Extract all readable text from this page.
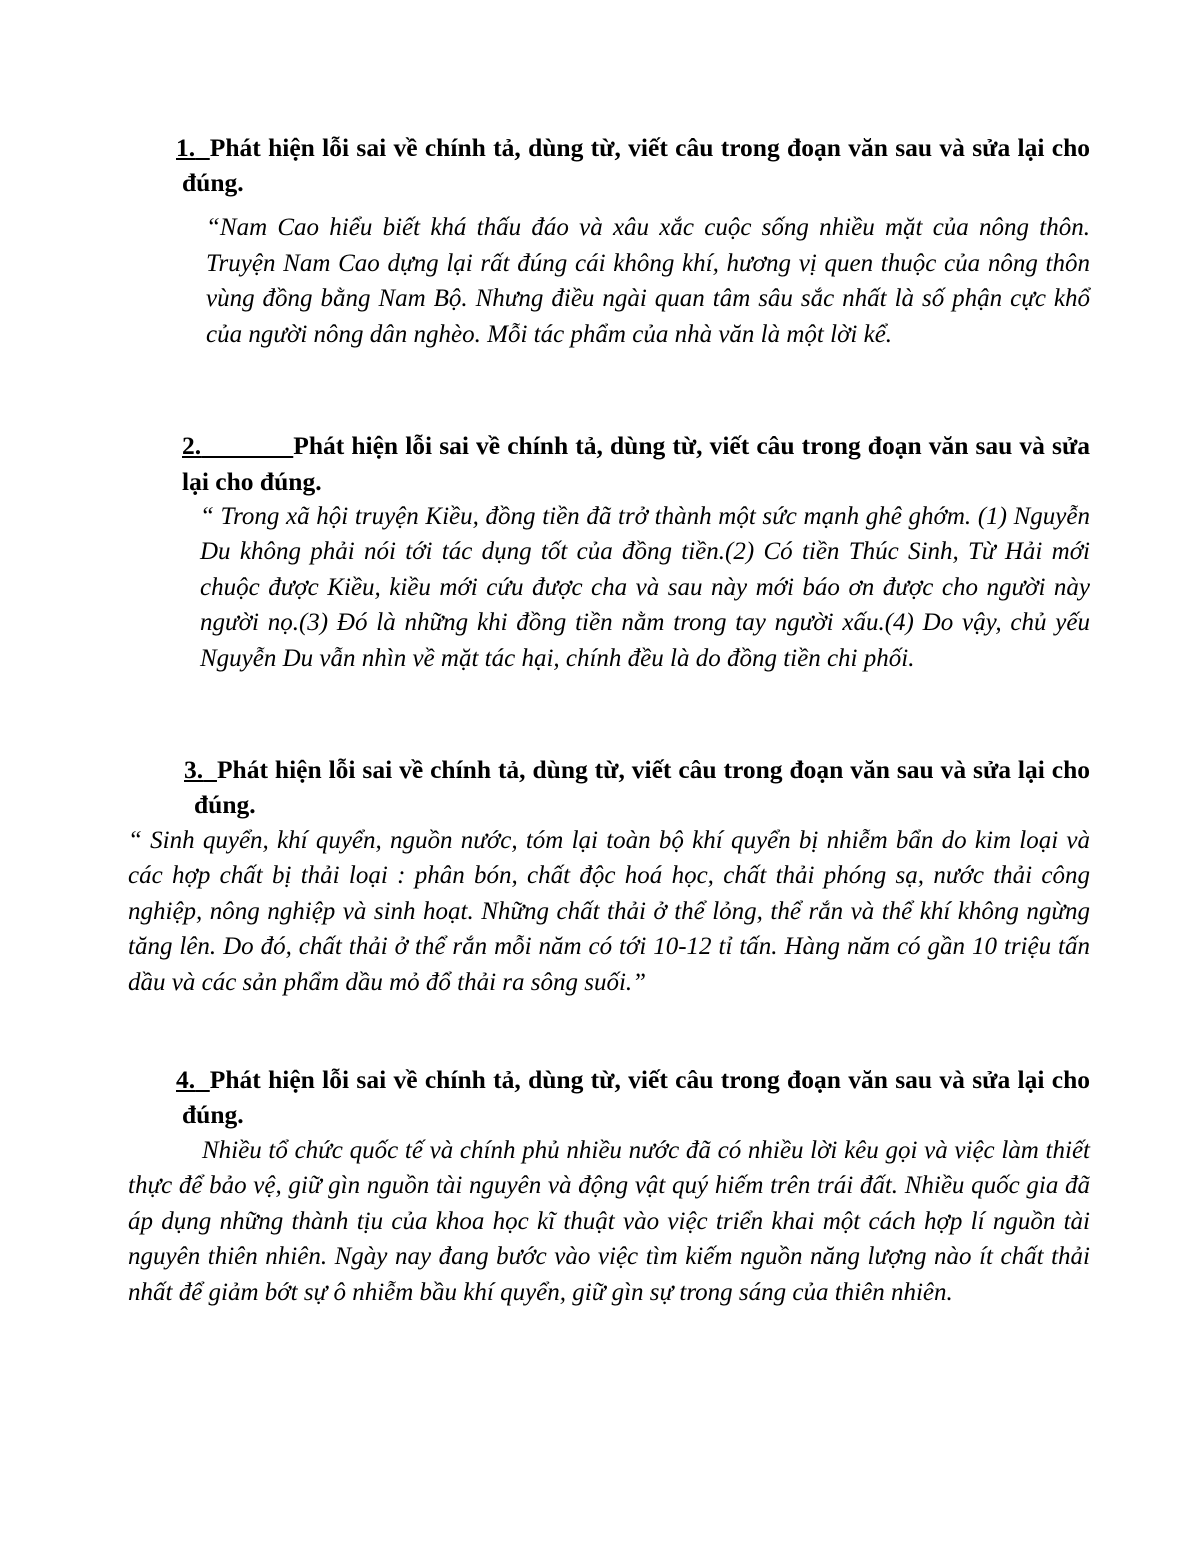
1. Phát hiện lỗi sai về chính tả, dùng từ, viết câu trong đoạn văn sau và sửa lại cho đúng.

“Nam Cao hiểu biết khá thấu đáo và xâu xắc cuộc sống nhiều mặt của nông thôn. Truyện Nam Cao dựng lại rất đúng cái không khí, hương vị quen thuộc của nông thôn vùng đồng bằng Nam Bộ. Nhưng điều ngài quan tâm sâu sắc nhất là số phận cực khổ của người nông dân nghèo. Mỗi tác phẩm của nhà văn là một lời kể.

2.	Phát hiện lỗi sai về chính tả, dùng từ, viết câu trong đoạn văn sau và sửa lại cho đúng.

“ Trong xã hội truyện Kiều, đồng tiền đã trở thành một sức mạnh ghê ghớm. (1) Nguyễn Du không phải nói tới tác dụng tốt của đồng tiền.(2) Có tiền Thúc Sinh, Từ Hải mới chuộc được Kiều, kiều mới cứu được cha và sau này mới báo ơn được cho người này người nọ.(3) Đó là những khi đồng tiền nằm trong tay người xấu.(4) Do vậy, chủ yếu Nguyễn Du vẫn nhìn về mặt tác hại, chính đều là do đồng tiền chi phối.

3. Phát hiện lỗi sai về chính tả, dùng từ, viết câu trong đoạn văn sau và sửa lại cho đúng.

“ Sinh quyển, khí quyển, nguồn nước, tóm lại toàn bộ khí quyển bị nhiễm bẩn do kim loại và các hợp chất bị thải loại : phân bón, chất độc hoá học, chất thải phóng sạ, nước thải công nghiệp, nông nghiệp và sinh hoạt. Những chất thải ở thể lỏng, thể rắn và thể khí không ngừng tăng lên. Do đó, chất thải ở thể rắn mỗi năm có tới 10-12 tỉ tấn. Hàng năm có gần 10 triệu tấn dầu và các sản phẩm dầu mỏ đổ thải ra sông suối.”

4. Phát hiện lỗi sai về chính tả, dùng từ, viết câu trong đoạn văn sau và sửa lại cho đúng.

Nhiều tổ chức quốc tế và chính phủ nhiều nước đã có nhiều lời kêu gọi và việc làm thiết thực để bảo vệ, giữ gìn nguồn tài nguyên và động vật quý hiếm trên trái đất. Nhiều quốc gia đã áp dụng những thành tịu của khoa học kĩ thuật vào việc triển khai một cách hợp lí nguồn tài nguyên thiên nhiên. Ngày nay đang bước vào việc tìm kiếm nguồn năng lượng nào ít chất thải nhất để giảm bớt sự ô nhiễm bầu khí quyển, giữ gìn sự trong sáng của thiên nhiên.
